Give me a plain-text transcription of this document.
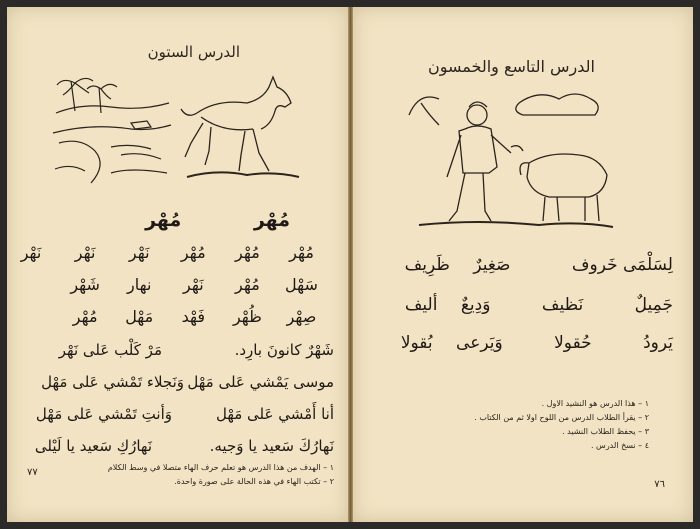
الدرس الستون
مُهْر مُهْر
مُهْر مُهْر مُهْر نَهْر نَهْر نَهْر
سَهْل مُهْر نَهْر نهار شَهْر
صِهْر ظُهْر فَهْد مَهْل مُهْر
شَهْرٌ كانونَ بارِد.
مَرْ كَلْب عَلى نَهْر
موسى يَمْشي عَلى مَهْل
وَنَجلاء تَمْشي عَلى مَهْل
أنا أَمْشي عَلى مَهْل
وَأنتِ تَمْشي عَلى مَهْل
نَهارُكَ سَعيد يا وَجيه.
نَهارُكِ سَعيد يا لَيْلى
١ – الهدف من هذا الدرس هو تعلم حرف الهاء متصلا في وسط الكلام
٢ – تكتب الهاء في هذه الحالة على صورة واحدة.
٧٧
الدرس التاسع والخمسون
لِسَلْمَى خَروف صَغِيرٌ ظَرِيف
جَمِيلٌ نَظيف وَدِيعٌ أليف
يَرودُ حُقولا وَيَرعى بُقولا
١ – هذا الدرس هو النشيد الاول .
٢ – يقرأ الطلاب الدرس من اللوح اولا ثم من الكتاب .
٣ – يحفظ الطلاب النشيد .
٤ – نسخ الدرس .
٧٦
